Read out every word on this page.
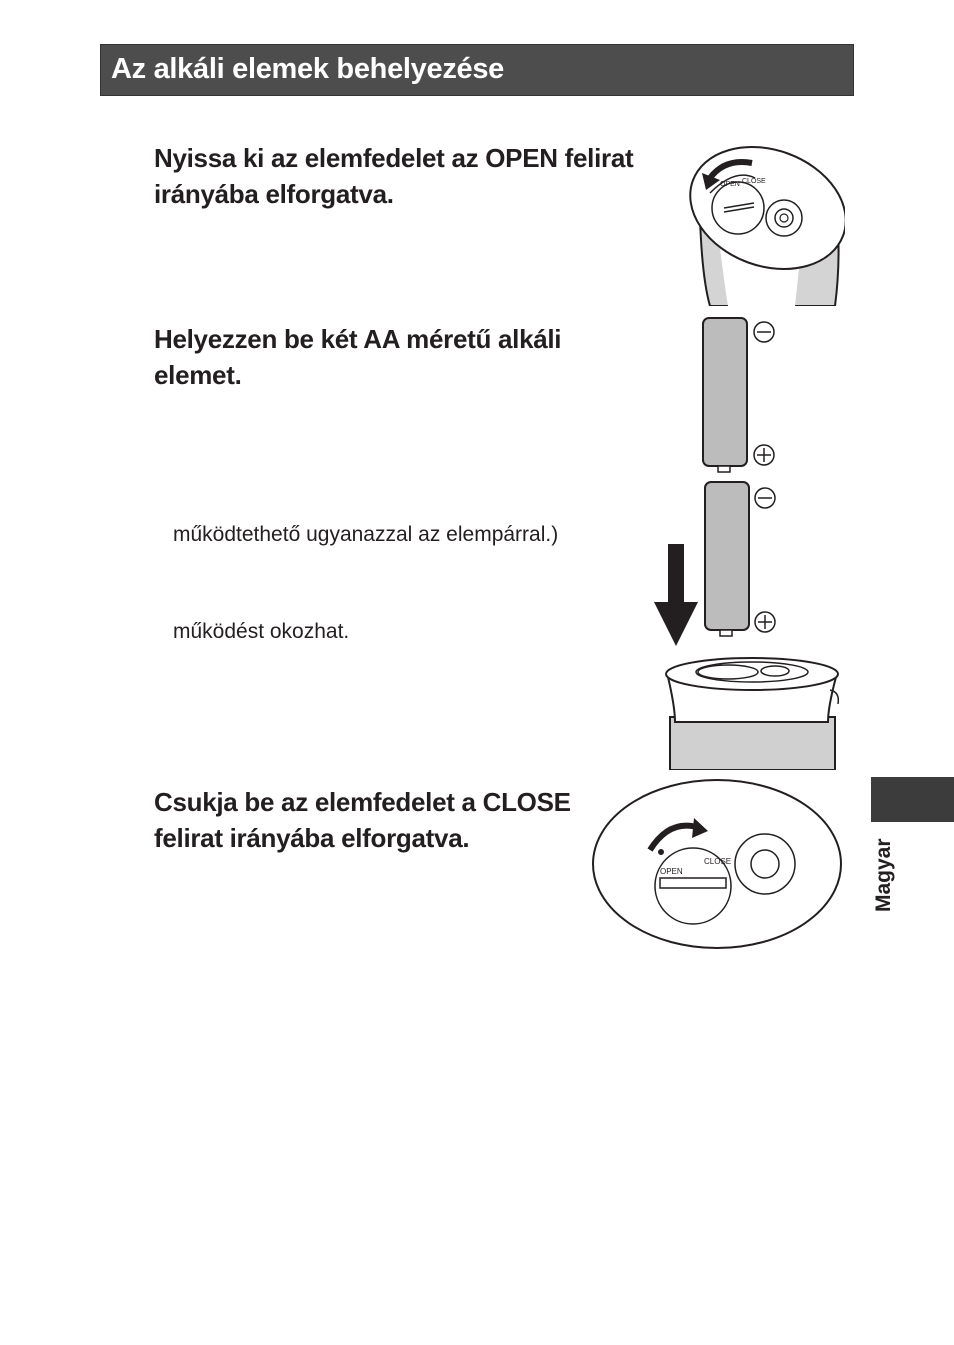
Az alkáli elemek behelyezése
Nyissa ki az elemfedelet az OPEN felirat
irányába elforgatva.
Helyezzen be két AA méretű alkáli
elemet.
működtethető ugyanazzal az elempárral.)
működést okozhat.
Csukja be az elemfedelet a CLOSE
felirat irányába elforgatva.
OPEN CLOSE
OPEN
CLOSE	Magyar
